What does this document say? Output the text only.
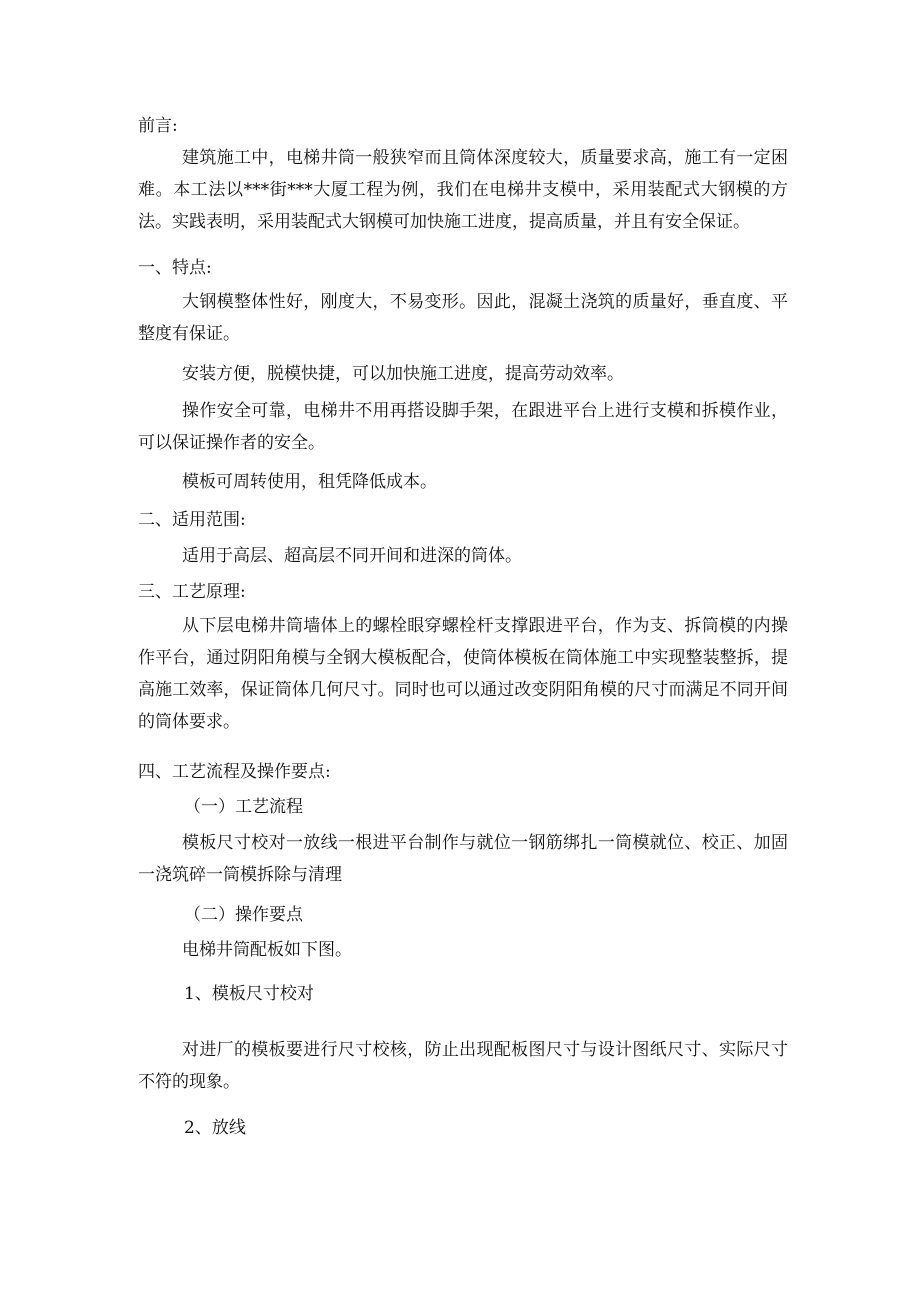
前言:
建筑施工中，电梯井筒一般狭窄而且筒体深度较大，质量要求高，施工有一定困难。本工法以***街***大厦工程为例，我们在电梯井支模中，采用装配式大钢模的方法。实践表明，采用装配式大钢模可加快施工进度，提高质量，并且有安全保证。
一、特点:
大钢模整体性好，刚度大，不易变形。因此，混凝土浇筑的质量好，垂直度、平整度有保证。
安装方便，脱模快捷，可以加快施工进度，提高劳动效率。
操作安全可靠，电梯井不用再搭设脚手架，在跟进平台上进行支模和拆模作业，可以保证操作者的安全。
模板可周转使用，租凭降低成本。
二、适用范围:
适用于高层、超高层不同开间和进深的筒体。
三、工艺原理:
从下层电梯井筒墙体上的螺栓眼穿螺栓杆支撑跟进平台，作为支、拆筒模的内操作平台，通过阴阳角模与全钢大模板配合，使筒体模板在筒体施工中实现整装整拆，提高施工效率，保证筒体几何尺寸。同时也可以通过改变阴阳角模的尺寸而满足不同开间的筒体要求。
四、工艺流程及操作要点:
（一）工艺流程
模板尺寸校对一放线一根进平台制作与就位一钢筋绑扎一筒模就位、校正、加固一浇筑碎一筒模拆除与清理
（二）操作要点
电梯井筒配板如下图。
1、模板尺寸校对
对进厂的模板要进行尺寸校核，防止出现配板图尺寸与设计图纸尺寸、实际尺寸不符的现象。
2、放线
